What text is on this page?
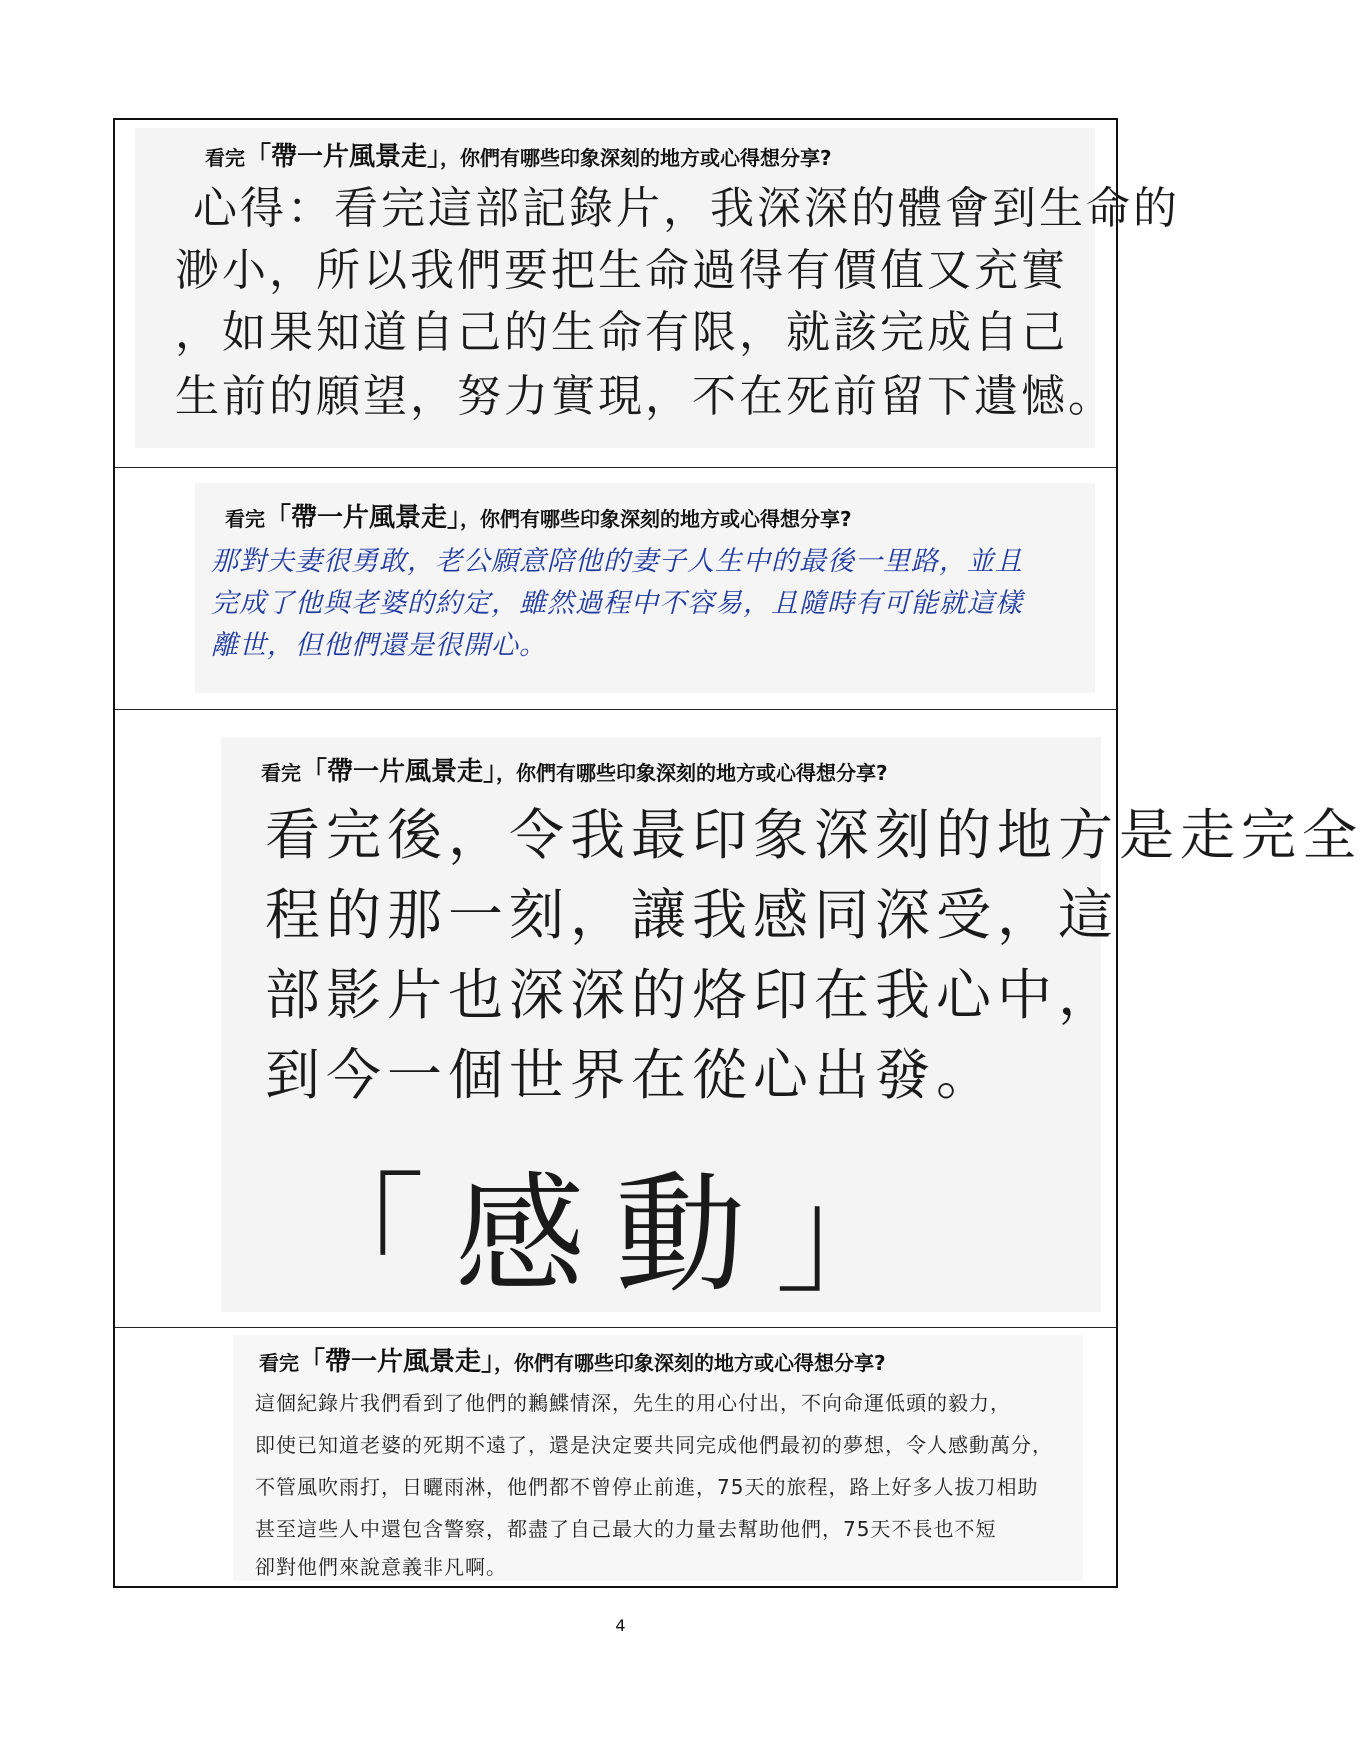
看完「帶一片風景走」，你們有哪些印象深刻的地方或心得想分享?
心得：看完這部記錄片，我深深的體會到生命的
渺小，所以我們要把生命過得有價值又充實
，如果知道自己的生命有限，就該完成自己
生前的願望，努力實現，不在死前留下遺憾。
看完「帶一片風景走」，你們有哪些印象深刻的地方或心得想分享?
那對夫妻很勇敢，老公願意陪他的妻子人生中的最後一里路，並且
完成了他與老婆的約定，雖然過程中不容易，且隨時有可能就這樣
離世，但他們還是很開心。
看完「帶一片風景走」，你們有哪些印象深刻的地方或心得想分享?
看完後，令我最印象深刻的地方是走完全
程的那一刻，讓我感同深受，這
部影片也深深的烙印在我心中，
到今一個世界在從心出發。
「感動」
看完「帶一片風景走」，你們有哪些印象深刻的地方或心得想分享?
這個紀錄片我們看到了他們的鶼鰈情深，先生的用心付出，不向命運低頭的毅力，
即使已知道老婆的死期不遠了，還是決定要共同完成他們最初的夢想，令人感動萬分，
不管風吹雨打，日曬雨淋，他們都不曾停止前進，75天的旅程，路上好多人拔刀相助
甚至這些人中還包含警察，都盡了自己最大的力量去幫助他們，75天不長也不短
卻對他們來說意義非凡啊。
4
